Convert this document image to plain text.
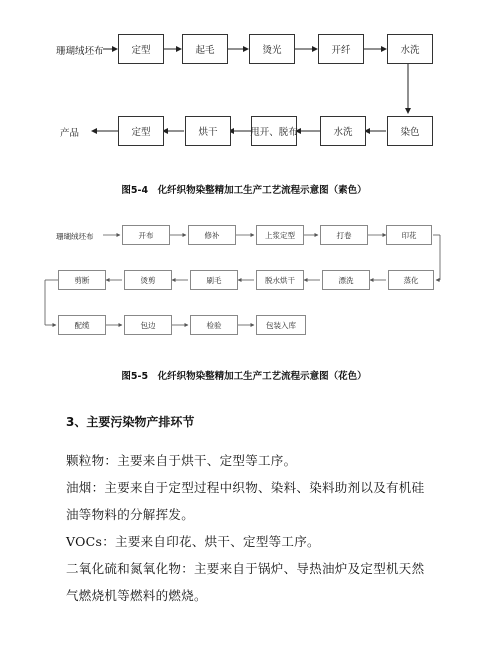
珊瑚绒坯布	定型	起毛	烫光	开纤	水洗
产品	定型	烘干	甩开、脱布	水洗	染色
图5-4　化纤织物染整精加工生产工艺流程示意图（素色）
珊瑚绒坯布	开布	修补	上浆定型	打卷	印花
剪断	烫剪	刷毛	脱水烘干	漂洗	蒸化
配缆	包边	检验	包装入库
图5-5　化纤织物染整精加工生产工艺流程示意图（花色）
3、主要污染物产排环节

颗粒物：主要来自于烘干、定型等工序。

油烟：主要来自于定型过程中织物、染料、染料助剂以及有机硅油等物料的分解挥发。

VOCs：主要来自印花、烘干、定型等工序。

二氧化硫和氮氧化物：主要来自于锅炉、导热油炉及定型机天然气燃烧机等燃料的燃烧。
